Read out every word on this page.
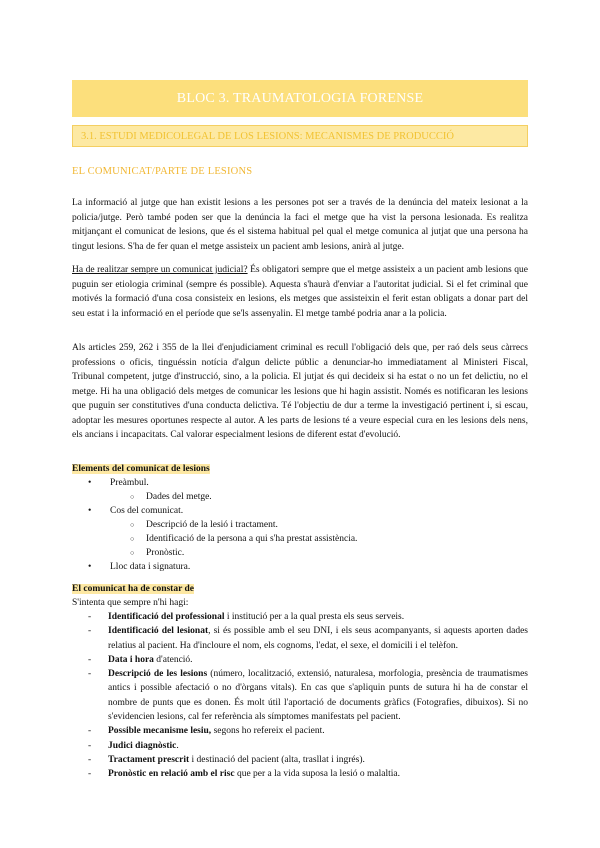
BLOC 3. TRAUMATOLOGIA FORENSE
3.1. ESTUDI MEDICOLEGAL DE LOS LESIONS: MECANISMES DE PRODUCCIÓ
EL COMUNICAT/PARTE DE LESIONS

La informació al jutge que han existit lesions a les persones pot ser a través de la denúncia del mateix lesionat a la policia/jutge. Però també poden ser que la denúncia la faci el metge que ha vist la persona lesionada. Es realitza mitjançant el comunicat de lesions, que és el sistema habitual pel qual el metge comunica al jutjat que una persona ha tingut lesions. S'ha de fer quan el metge assisteix un pacient amb lesions, anirà al jutge.

Ha de realitzar sempre un comunicat judicial? És obligatori sempre que el metge assisteix a un pacient amb lesions que puguin ser etiologia criminal (sempre és possible). Aquesta s'haurà d'enviar a l'autoritat judicial. Si el fet criminal que motivés la formació d'una cosa consisteix en lesions, els metges que assisteixin el ferit estan obligats a donar part del seu estat i la informació en el període que se'ls assenyalin. El metge també podria anar a la policia.

Als articles 259, 262 i 355 de la llei d'enjudiciament criminal es recull l'obligació dels que, per raó dels seus càrrecs professions o oficis, tinguéssin notícia d'algun delicte públic a denunciar-ho immediatament al Ministeri Fiscal, Tribunal competent, jutge d'instrucció, sino, a la policia. El jutjat és qui decideix si ha estat o no un fet delictiu, no el metge. Hi ha una obligació dels metges de comunicar les lesions que hi hagin assistit. Només es notificaran les lesions que puguin ser constitutives d'una conducta delictiva. Té l'objectiu de dur a terme la investigació pertinent i, si escau, adoptar les mesures oportunes respecte al autor. A les parts de lesions té a veure especial cura en les lesions dels nens, els ancians i incapacitats. Cal valorar especialment lesions de diferent estat d'evolució.

Elements del comunicat de lesions
• Preàmbul.
○ Dades del metge.
• Cos del comunicat.
○ Descripció de la lesió i tractament.
○ Identificació de la persona a qui s'ha prestat assistència.
○ Pronòstic.
• Lloc data i signatura.
El comunicat ha de constar de
S'intenta que sempre n'hi hagi:
- Identificació del professional i institució per a la qual presta els seus serveis.
- Identificació del lesionat, si és possible amb el seu DNI, i els seus acompanyants, si aquests aporten dades relatius al pacient. Ha d'incloure el nom, els cognoms, l'edat, el sexe, el domicili i el telèfon.
- Data i hora d'atenció.
- Descripció de les lesions (número, localització, extensió, naturalesa, morfologia, presència de traumatismes antics i possible afectació o no d'òrgans vitals). En cas que s'apliquin punts de sutura hi ha de constar el nombre de punts que es donen. És molt útil l'aportació de documents gràfics (Fotografies, dibuixos). Si no s'evidencien lesions, cal fer referència als símptomes manifestats pel pacient.
- Possible mecanisme lesiu, segons ho refereix el pacient.
- Judici diagnòstic.
- Tractament prescrit i destinació del pacient (alta, trasllat i ingrés).
- Pronòstic en relació amb el risc que per a la vida suposa la lesió o malaltia.
